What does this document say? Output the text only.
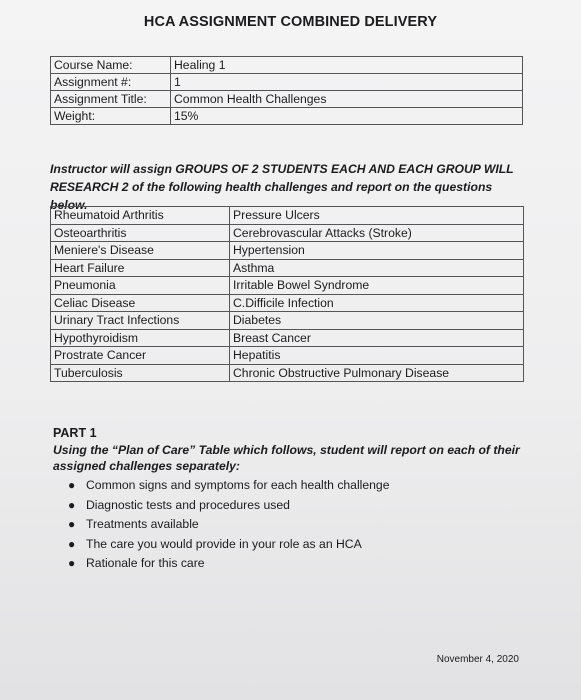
HCA ASSIGNMENT COMBINED DELIVERY
Course Name:	Healing 1
Assignment #:	1
Assignment Title:	Common Health Challenges
Weight:	15%
Instructor will assign GROUPS OF 2 STUDENTS EACH AND EACH GROUP WILL RESEARCH 2 of the following health challenges and report on the questions below.
Rheumatoid Arthritis	Pressure Ulcers
Osteoarthritis	Cerebrovascular Attacks (Stroke)
Meniere's Disease	Hypertension
Heart Failure	Asthma
Pneumonia	Irritable Bowel Syndrome
Celiac Disease	C.Difficile Infection
Urinary Tract Infections	Diabetes
Hypothyroidism	Breast Cancer
Prostrate Cancer	Hepatitis
Tuberculosis	Chronic Obstructive Pulmonary Disease
PART 1
Using the “Plan of Care” Table which follows, student will report on each of their assigned challenges separately:
● Common signs and symptoms for each health challenge
● Diagnostic tests and procedures used
● Treatments available
● The care you would provide in your role as an HCA
● Rationale for this care
November 4, 2020
